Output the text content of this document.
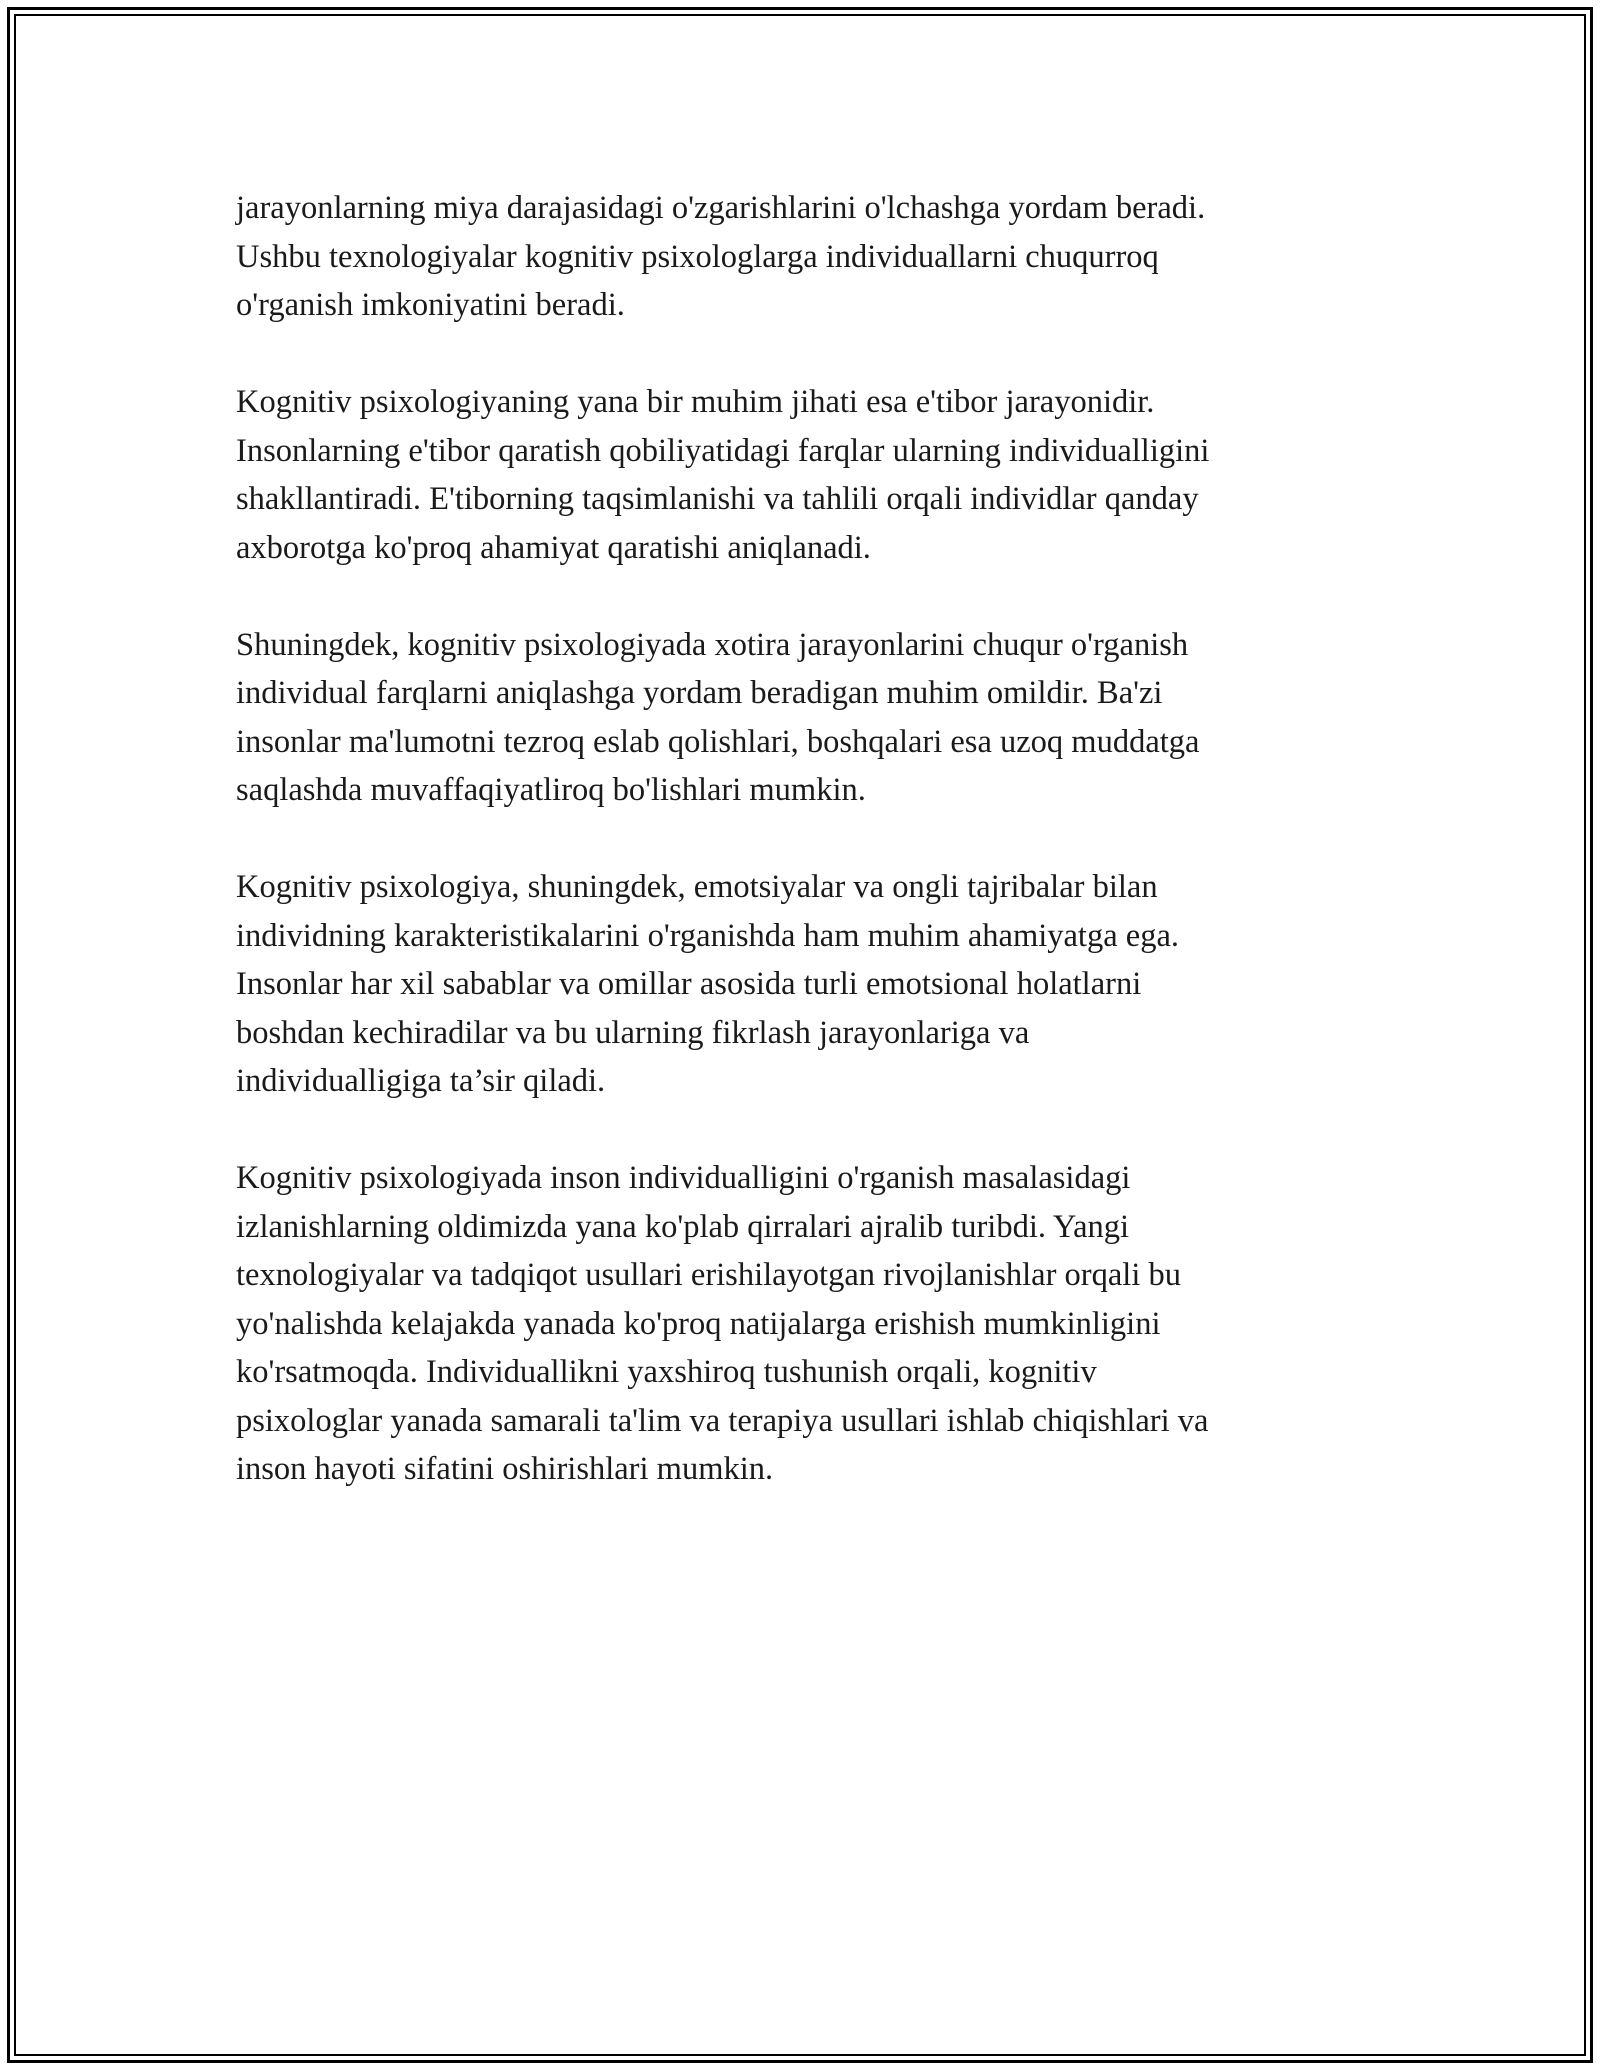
jarayonlarning miya darajasidagi o'zgarishlarini o'lchashga yordam beradi.
Ushbu texnologiyalar kognitiv psixologlarga individuallarni chuqurroq
o'rganish imkoniyatini beradi.

Kognitiv psixologiyaning yana bir muhim jihati esa e'tibor jarayonidir.
Insonlarning e'tibor qaratish qobiliyatidagi farqlar ularning individualligini
shakllantiradi. E'tiborning taqsimlanishi va tahlili orqali individlar qanday
axborotga ko'proq ahamiyat qaratishi aniqlanadi.

Shuningdek, kognitiv psixologiyada xotira jarayonlarini chuqur o'rganish
individual farqlarni aniqlashga yordam beradigan muhim omildir. Ba'zi
insonlar ma'lumotni tezroq eslab qolishlari, boshqalari esa uzoq muddatga
saqlashda muvaffaqiyatliroq bo'lishlari mumkin.

Kognitiv psixologiya, shuningdek, emotsiyalar va ongli tajribalar bilan
individning karakteristikalarini o'rganishda ham muhim ahamiyatga ega.
Insonlar har xil sabablar va omillar asosida turli emotsional holatlarni
boshdan kechiradilar va bu ularning fikrlash jarayonlariga va
individualligiga ta’sir qiladi.

Kognitiv psixologiyada inson individualligini o'rganish masalasidagi
izlanishlarning oldimizda yana ko'plab qirralari ajralib turibdi. Yangi
texnologiyalar va tadqiqot usullari erishilayotgan rivojlanishlar orqali bu
yo'nalishda kelajakda yanada ko'proq natijalarga erishish mumkinligini
ko'rsatmoqda. Individuallikni yaxshiroq tushunish orqali, kognitiv
psixologlar yanada samarali ta'lim va terapiya usullari ishlab chiqishlari va
inson hayoti sifatini oshirishlari mumkin.
